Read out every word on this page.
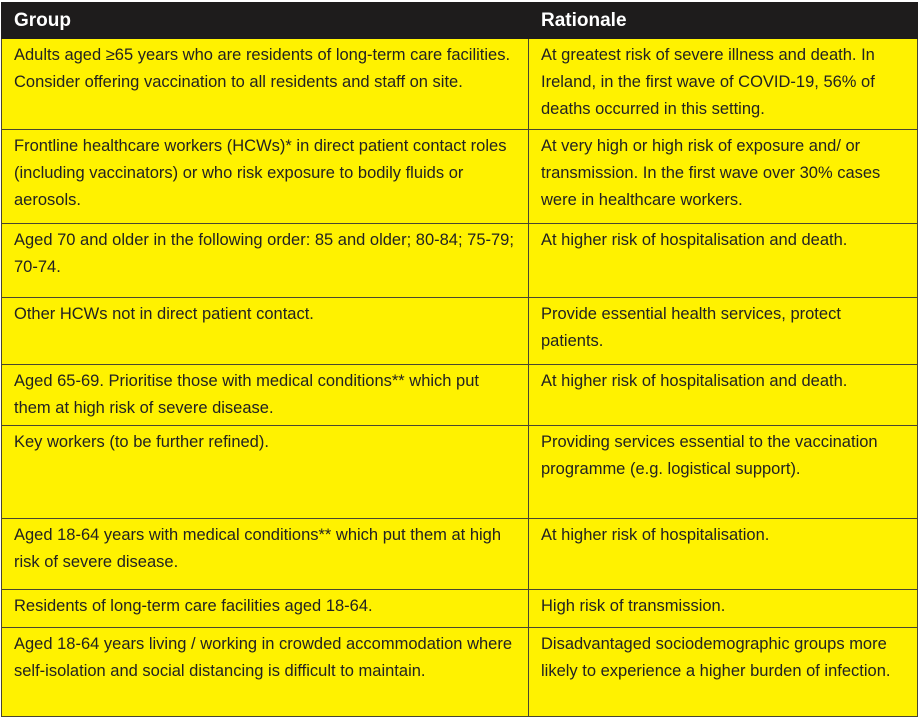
Group	Rationale
Adults aged ≥65 years who are residents of long-term care facilities. Consider offering vaccination to all residents and staff on site.	At greatest risk of severe illness and death. In Ireland, in the first wave of COVID-19, 56% of deaths occurred in this setting.
Frontline healthcare workers (HCWs)* in direct patient contact roles (including vaccinators) or who risk exposure to bodily fluids or aerosols.	At very high or high risk of exposure and/ or transmission. In the first wave over 30% cases were in healthcare workers.
Aged 70 and older in the following order: 85 and older; 80-84; 75-79; 70-74.	At higher risk of hospitalisation and death.
Other HCWs not in direct patient contact.	Provide essential health services, protect patients.
Aged 65-69. Prioritise those with medical conditions** which put them at high risk of severe disease.	At higher risk of hospitalisation and death.
Key workers (to be further refined).	Providing services essential to the vaccination programme (e.g. logistical support).
Aged 18-64 years with medical conditions** which put them at high risk of severe disease.	At higher risk of hospitalisation.
Residents of long-term care facilities aged 18-64.	High risk of transmission.
Aged 18-64 years living / working in crowded accommodation where self-isolation and social distancing is difficult to maintain.	Disadvantaged sociodemographic groups more likely to experience a higher burden of infection.
